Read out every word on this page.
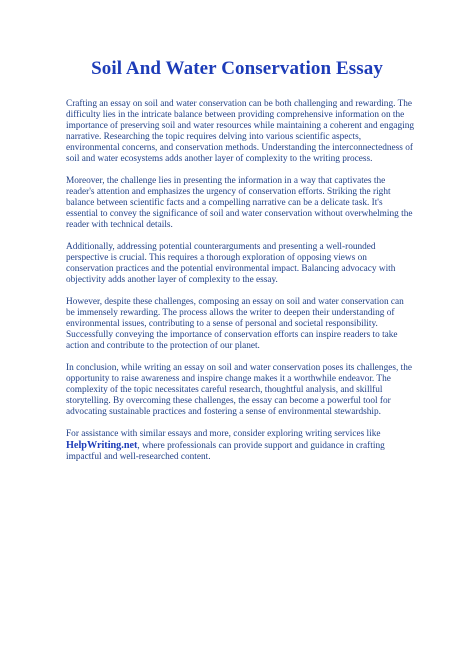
Soil And Water Conservation Essay

Crafting an essay on soil and water conservation can be both challenging and rewarding. The difficulty lies in the intricate balance between providing comprehensive information on the importance of preserving soil and water resources while maintaining a coherent and engaging narrative. Researching the topic requires delving into various scientific aspects, environmental concerns, and conservation methods. Understanding the interconnectedness of soil and water ecosystems adds another layer of complexity to the writing process.

Moreover, the challenge lies in presenting the information in a way that captivates the reader's attention and emphasizes the urgency of conservation efforts. Striking the right balance between scientific facts and a compelling narrative can be a delicate task. It's essential to convey the significance of soil and water conservation without overwhelming the reader with technical details.

Additionally, addressing potential counterarguments and presenting a well-rounded perspective is crucial. This requires a thorough exploration of opposing views on conservation practices and the potential environmental impact. Balancing advocacy with objectivity adds another layer of complexity to the essay.

However, despite these challenges, composing an essay on soil and water conservation can be immensely rewarding. The process allows the writer to deepen their understanding of environmental issues, contributing to a sense of personal and societal responsibility. Successfully conveying the importance of conservation efforts can inspire readers to take action and contribute to the protection of our planet.

In conclusion, while writing an essay on soil and water conservation poses its challenges, the opportunity to raise awareness and inspire change makes it a worthwhile endeavor. The complexity of the topic necessitates careful research, thoughtful analysis, and skillful storytelling. By overcoming these challenges, the essay can become a powerful tool for advocating sustainable practices and fostering a sense of environmental stewardship.

For assistance with similar essays and more, consider exploring writing services like HelpWriting.net, where professionals can provide support and guidance in crafting impactful and well-researched content.
